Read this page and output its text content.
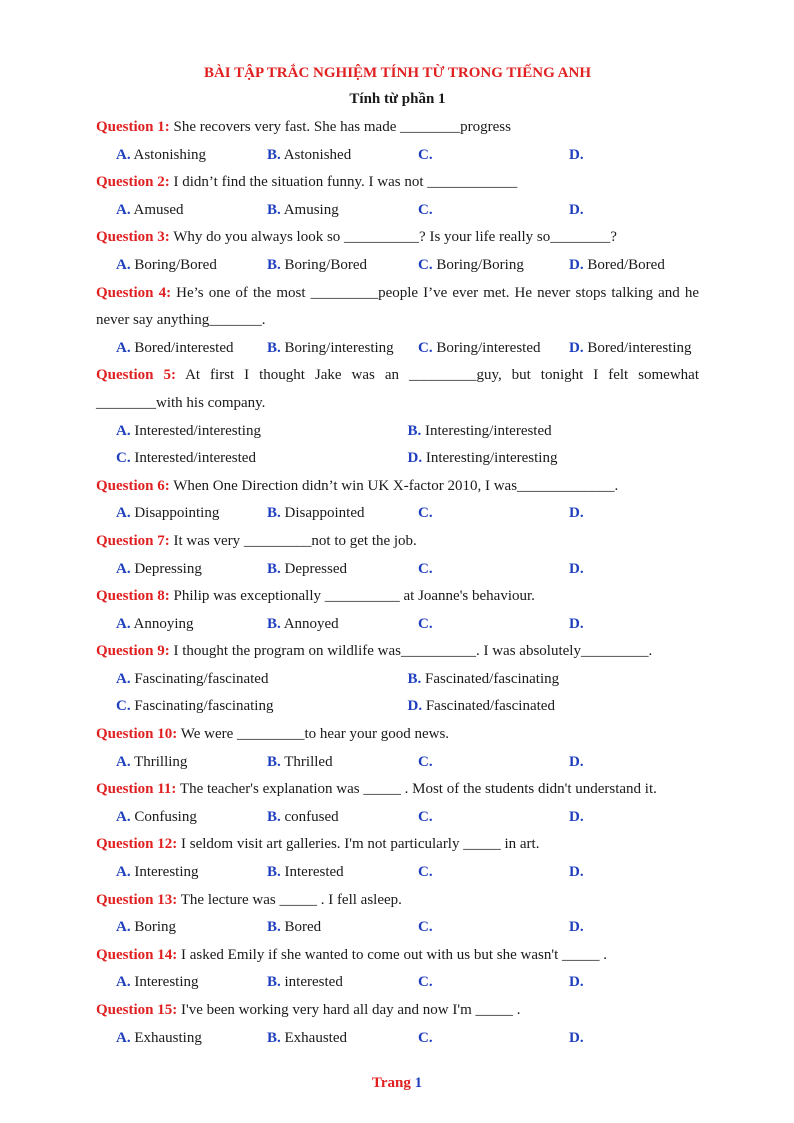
BÀI TẬP TRẮC NGHIỆM TÍNH TỪ TRONG TIẾNG ANH
Tính từ phần 1
Question 1: She recovers very fast. She has made ________progress
A. Astonishing	B. Astonished	C.	D.
Question 2: I didn’t find the situation funny. I was not ____________
A. Amused	B. Amusing	C.	D.
Question 3: Why do you always look so __________? Is your life really so________?
A. Boring/Bored	B. Boring/Bored	C. Boring/Boring	D. Bored/Bored
Question 4: He’s one of the most _________people I’ve ever met. He never stops talking and he never say anything_______.
A. Bored/interested	B. Boring/interesting	C. Boring/interested	D. Bored/interesting
Question 5: At first I thought Jake was an _________guy, but tonight I felt somewhat ________with his company.
A. Interested/interesting	B. Interesting/interested
C. Interested/interested	D. Interesting/interesting
Question 6: When One Direction didn’t win UK X-factor 2010, I was_____________.
A. Disappointing	B. Disappointed	C.	D.
Question 7: It was very _________not to get the job.
A. Depressing	B. Depressed	C.	D.
Question 8: Philip was exceptionally __________ at Joanne's behaviour.
A. Annoying	B. Annoyed	C.	D.
Question 9: I thought the program on wildlife was__________. I was absolutely_________.
A. Fascinating/fascinated	B. Fascinated/fascinating
C. Fascinating/fascinating	D. Fascinated/fascinated
Question 10: We were _________to hear your good news.
A. Thrilling	B. Thrilled	C.	D.
Question 11: The teacher's explanation was _____ . Most of the students didn't understand it.
A. Confusing	B. confused	C.	D.
Question 12: I seldom visit art galleries. I'm not particularly _____ in art.
A. Interesting	B. Interested	C.	D.
Question 13: The lecture was _____ . I fell asleep.
A. Boring	B. Bored	C.	D.
Question 14: I asked Emily if she wanted to come out with us but she wasn't _____ .
A. Interesting	B. interested	C.	D.
Question 15: I've been working very hard all day and now I'm _____ .
A. Exhausting	B. Exhausted	C.	D.
Trang 1
